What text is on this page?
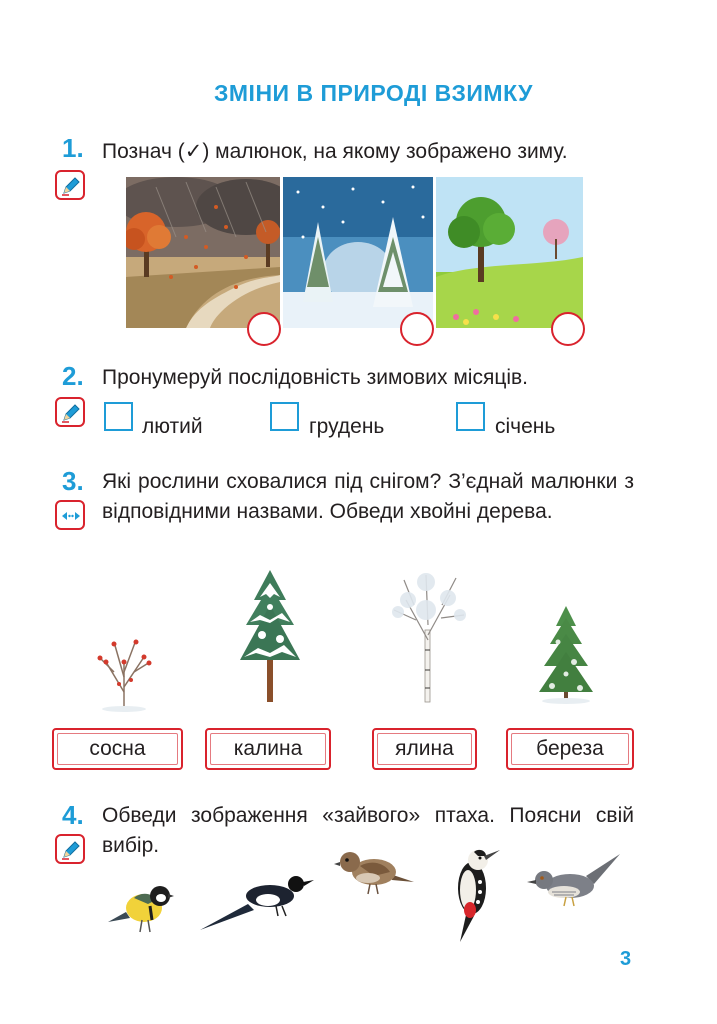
ЗМІНИ В ПРИРОДІ ВЗИМКУ
1. Познач (✓) малюнок, на якому зображено зиму.
2. Пронумеруй послідовність зимових місяців.
лютий	грудень	січень
3. Які рослини сховалися під снігом? З’єднай малюнки з відповідними назвами. Обведи хвойні дерева.
сосна	калина	ялина	береза
4. Обведи зображення «зайвого» птаха. Поясни свій вибір.
3
